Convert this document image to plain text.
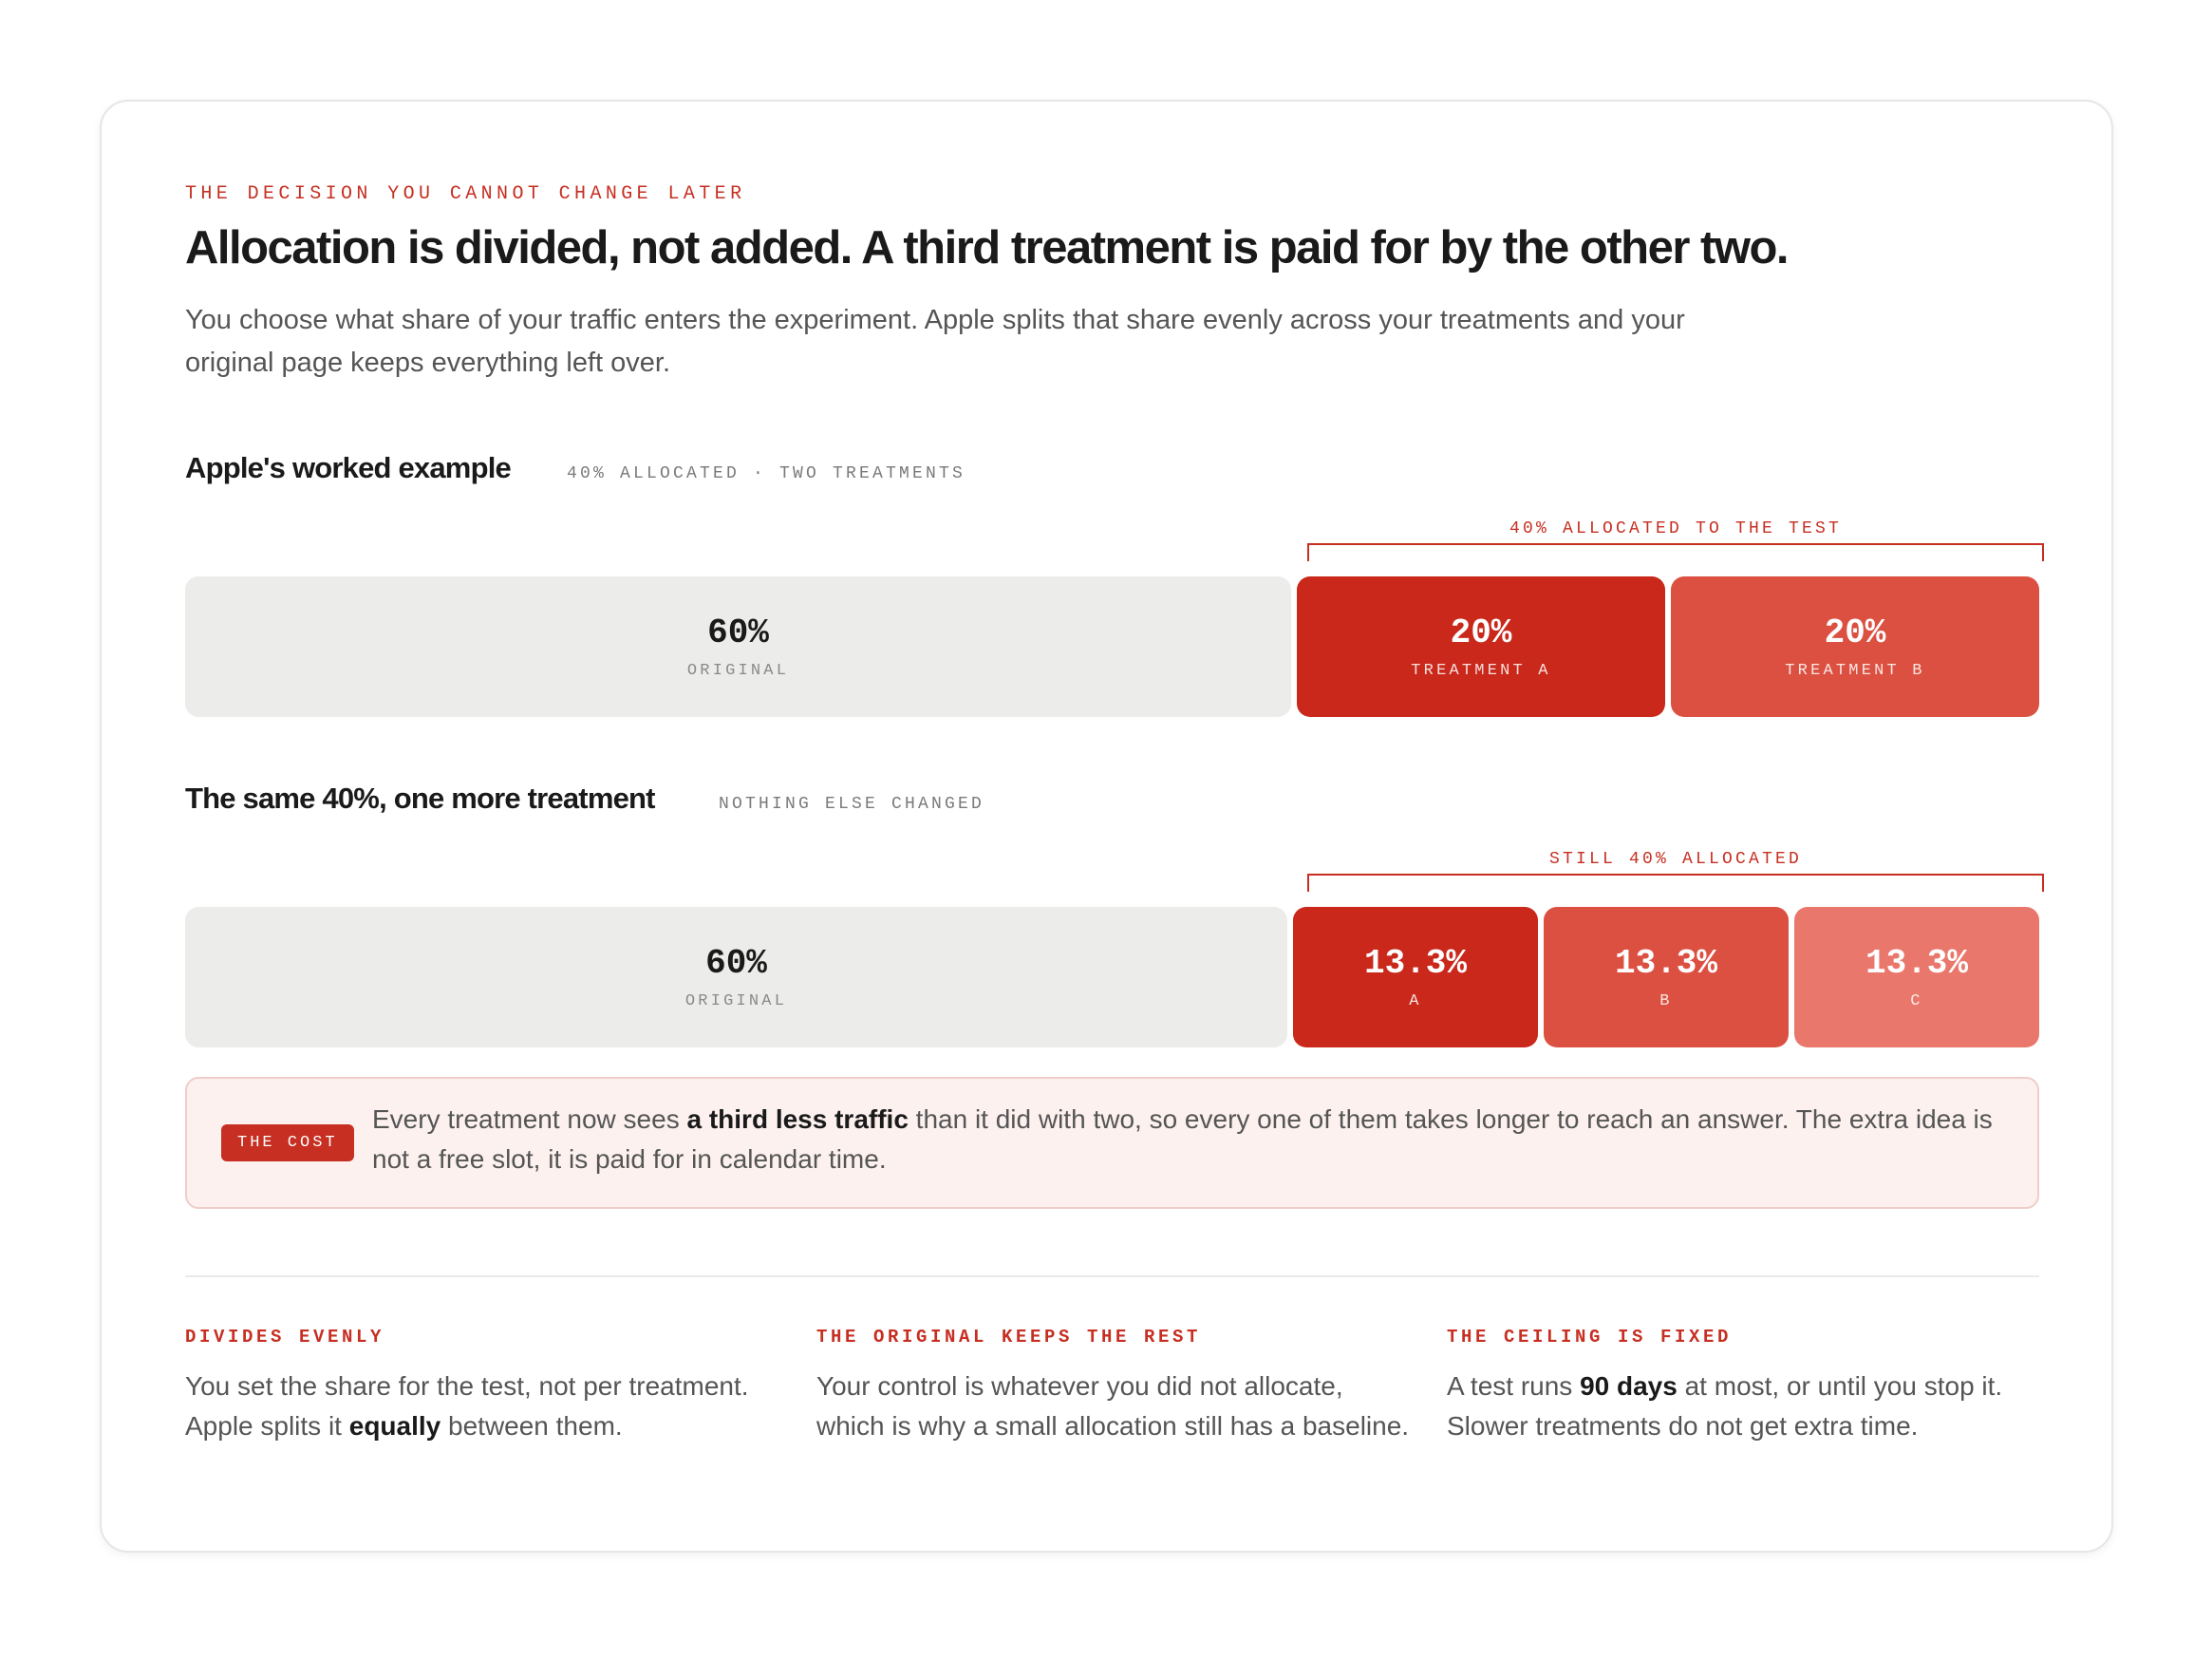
THE DECISION YOU CANNOT CHANGE LATER
Allocation is divided, not added. A third treatment is paid for by the other two.
You choose what share of your traffic enters the experiment. Apple splits that share evenly across your treatments and your original page keeps everything left over.
Apple's worked example	40% ALLOCATED · TWO TREATMENTS
40% ALLOCATED TO THE TEST
60%
ORIGINAL
20%
TREATMENT A
20%
TREATMENT B
The same 40%, one more treatment	NOTHING ELSE CHANGED
STILL 40% ALLOCATED
60%
ORIGINAL
13.3%
A
13.3%
B
13.3%
C
THE COST
Every treatment now sees a third less traffic than it did with two, so every one of them takes longer to reach an answer. The extra idea is not a free slot, it is paid for in calendar time.
DIVIDES EVENLY
You set the share for the test, not per treatment. Apple splits it equally between them.
THE ORIGINAL KEEPS THE REST
Your control is whatever you did not allocate, which is why a small allocation still has a baseline.
THE CEILING IS FIXED
A test runs 90 days at most, or until you stop it. Slower treatments do not get extra time.
